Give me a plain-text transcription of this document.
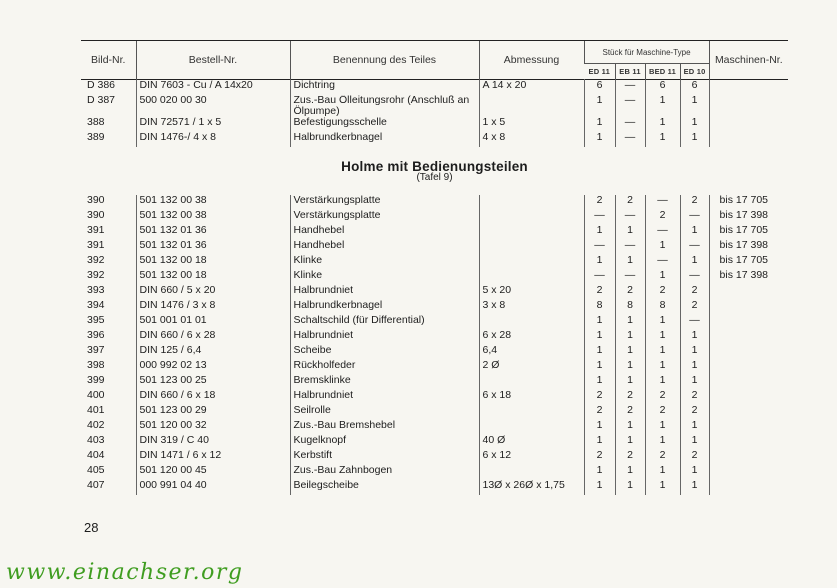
Bild-Nr.	Bestell-Nr.	Benennung des Teiles	Abmessung	Stück für Maschine-Type				Maschinen-Nr.
				ED 11	EB 11	BED 11	ED 10	
D 386	DIN 7603 - Cu / A 14x20	Dichtring	A 14 x 20	6	—	6	6	
D 387	500 020 00 30	Zus.-Bau Ölleitungsrohr (Anschluß an Ölpumpe)		1	—	1	1	
388	DIN 72571 / 1 x 5	Befestigungsschelle	1 x 5	1	—	1	1	
389	DIN 1476-/ 4 x 8	Halbrundkerbnagel	4 x 8	1	—	1	1	

Holme mit Bedienungsteilen
(Tafel 9)								

390	501 132 00 38	Verstärkungsplatte		2	2	—	2	bis 17 705
390	501 132 00 38	Verstärkungsplatte		—	—	2	—	bis 17 398
391	501 132 01 36	Handhebel		1	1	—	1	bis 17 705
391	501 132 01 36	Handhebel		—	—	1	—	bis 17 398
392	501 132 00 18	Klinke		1	1	—	1	bis 17 705
392	501 132 00 18	Klinke		—	—	1	—	bis 17 398
393	DIN 660 / 5 x 20	Halbrundniet	5 x 20	2	2	2	2	
394	DIN 1476 / 3 x 8	Halbrundkerbnagel	3 x 8	8	8	8	2	
395	501 001 01 01	Schaltschild (für Differential)		1	1	1	—	
396	DIN 660 / 6 x 28	Halbrundniet	6 x 28	1	1	1	1	
397	DIN 125 / 6,4	Scheibe	6,4	1	1	1	1	
398	000 992 02 13	Rückholfeder	2 Ø	1	1	1	1	
399	501 123 00 25	Bremsklinke		1	1	1	1	
400	DIN 660 / 6 x 18	Halbrundniet	6 x 18	2	2	2	2	
401	501 123 00 29	Seilrolle		2	2	2	2	
402	501 120 00 32	Zus.-Bau Bremshebel		1	1	1	1	
403	DIN 319 / C 40	Kugelknopf	40 Ø	1	1	1	1	
404	DIN 1471 / 6 x 12	Kerbstift	6 x 12	2	2	2	2	
405	501 120 00 45	Zus.-Bau Zahnbogen		1	1	1	1	
407	000 991 04 40	Beilegscheibe	13Ø x 26Ø x 1,75	1	1	1	1	
28
www.einachser.org
